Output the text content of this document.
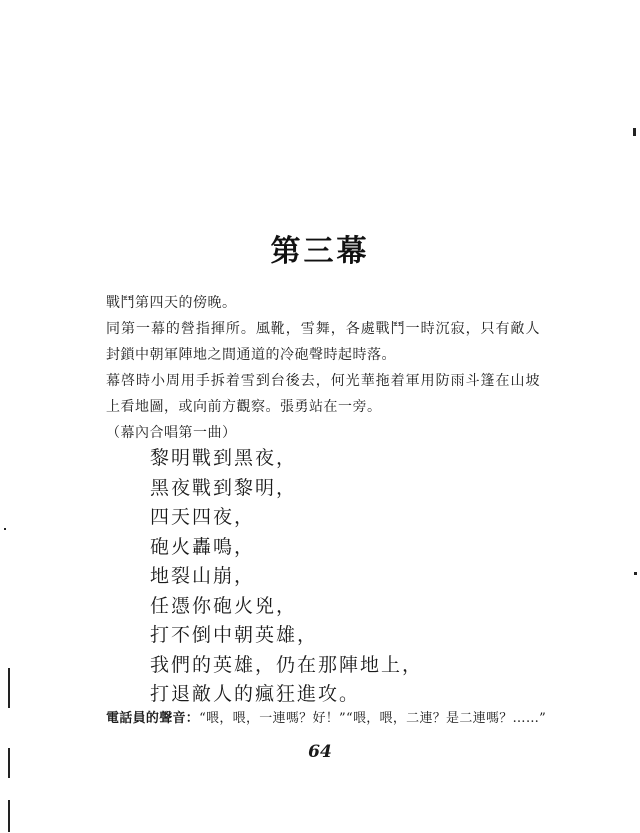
第三幕
戰鬥第四天的傍晚。
同第一幕的營指揮所。風靴，雪舞，各處戰鬥一時沉寂，只有敵人封鎖中朝軍陣地之間通道的冷砲聲時起時落。
幕啓時小周用手拆着雪到台後去，何光華拖着軍用防雨斗篷在山坡上看地圖，或向前方觀察。張勇站在一旁。
（幕內合唱第一曲）
黎明戰到黑夜，
黑夜戰到黎明，
四天四夜，
砲火轟鳴，
地裂山崩，
任憑你砲火兇，
打不倒中朝英雄，
我們的英雄，仍在那陣地上，
打退敵人的瘋狂進攻。
電話員的聲音：“喂，喂，一連嗎？好！”“喂，喂，二連？是二連嗎？……”
64
